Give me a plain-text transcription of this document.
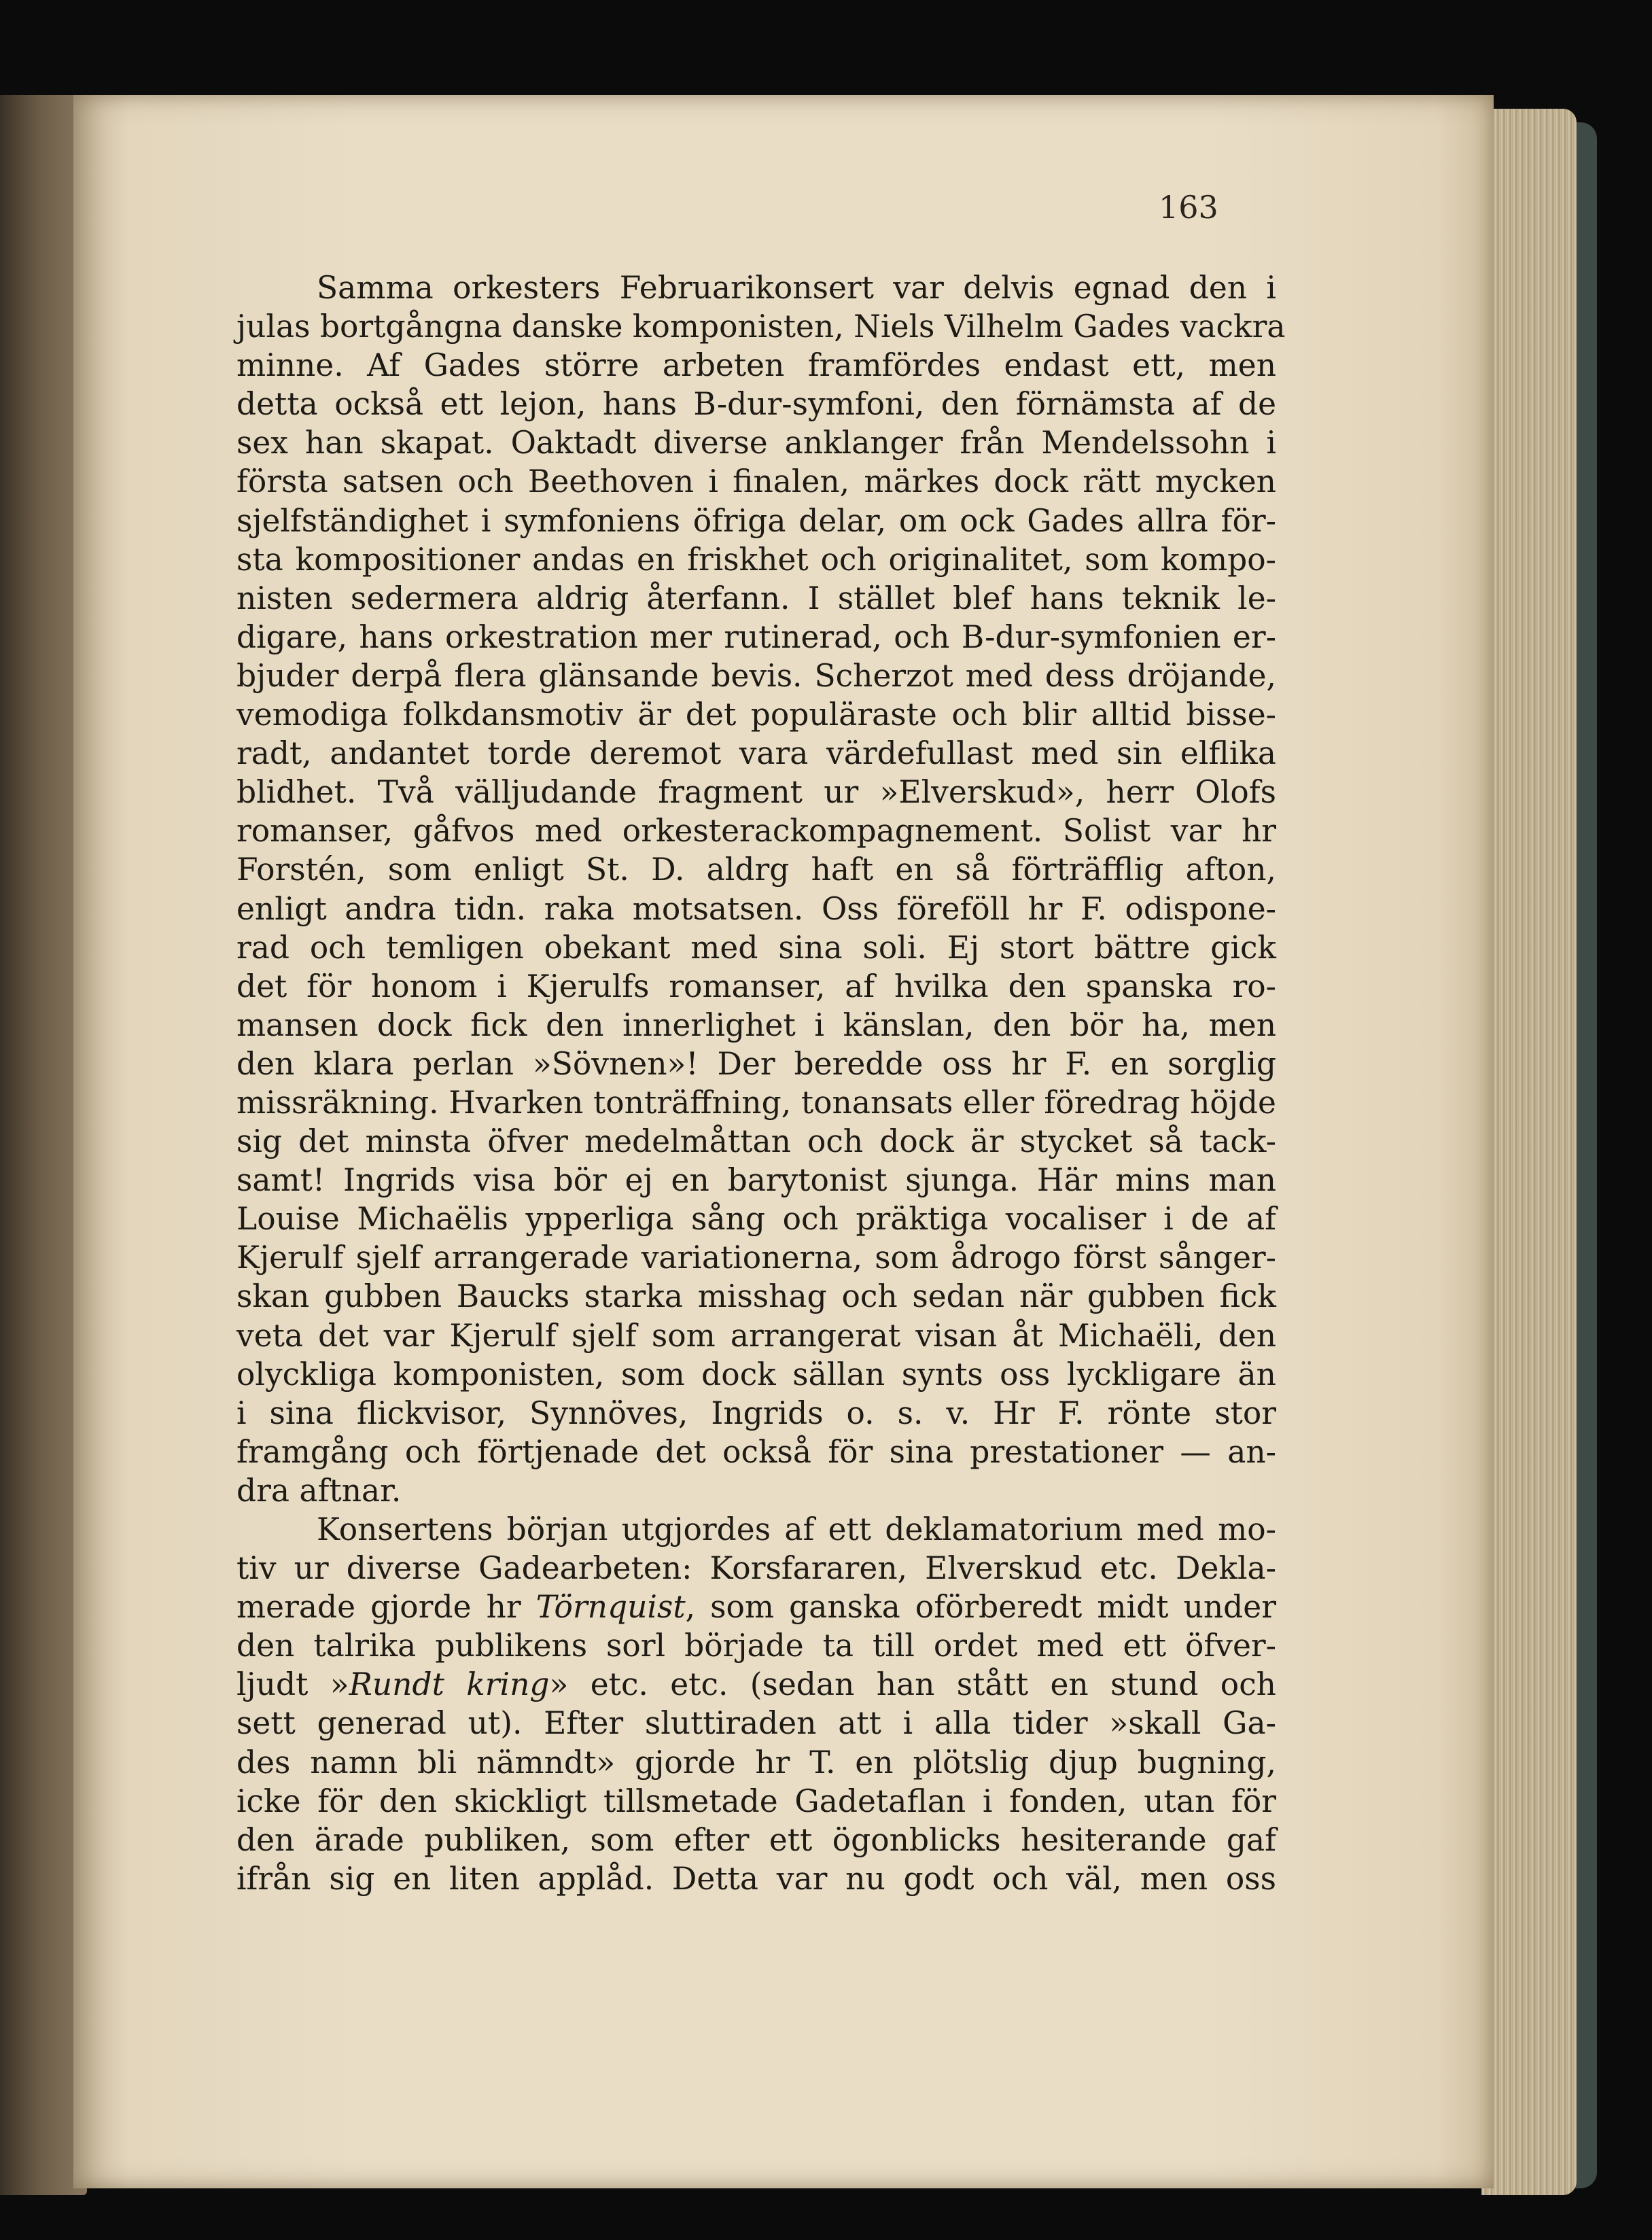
163
Samma orkesters Februarikonsert var delvis egnad den i
julas bortgångna danske komponisten, Niels Vilhelm Gades vackra
minne. Af Gades större arbeten framfördes endast ett, men
detta också ett lejon, hans B-dur-symfoni, den förnämsta af de
sex han skapat. Oaktadt diverse anklanger från Mendelssohn i
första satsen och Beethoven i finalen, märkes dock rätt mycken
sjelfständighet i symfoniens öfriga delar, om ock Gades allra för-
sta kompositioner andas en friskhet och originalitet, som kompo-
nisten sedermera aldrig återfann. I stället blef hans teknik le-
digare, hans orkestration mer rutinerad, och B-dur-symfonien er-
bjuder derpå flera glänsande bevis. Scherzot med dess dröjande,
vemodiga folkdansmotiv är det populäraste och blir alltid bisse-
radt, andantet torde deremot vara värdefullast med sin elflika
blidhet. Två välljudande fragment ur »Elverskud», herr Olofs
romanser, gåfvos med orkesterackompagnement. Solist var hr
Forstén, som enligt St. D. aldrg haft en så förträfflig afton,
enligt andra tidn. raka motsatsen. Oss föreföll hr F. odispone-
rad och temligen obekant med sina soli. Ej stort bättre gick
det för honom i Kjerulfs romanser, af hvilka den spanska ro-
mansen dock fick den innerlighet i känslan, den bör ha, men
den klara perlan »Sövnen»! Der beredde oss hr F. en sorglig
missräkning. Hvarken tonträffning, tonansats eller föredrag höjde
sig det minsta öfver medelmåttan och dock är stycket så tack-
samt! Ingrids visa bör ej en barytonist sjunga. Här mins man
Louise Michaëlis ypperliga sång och präktiga vocaliser i de af
Kjerulf sjelf arrangerade variationerna, som ådrogo först sånger-
skan gubben Baucks starka misshag och sedan när gubben fick
veta det var Kjerulf sjelf som arrangerat visan åt Michaëli, den
olyckliga komponisten, som dock sällan synts oss lyckligare än
i sina flickvisor, Synnöves, Ingrids o. s. v. Hr F. rönte stor
framgång och förtjenade det också för sina prestationer — an-
dra aftnar.
Konsertens början utgjordes af ett deklamatorium med mo-
tiv ur diverse Gadearbeten: Korsfararen, Elverskud etc. Dekla-
merade gjorde hr Törnquist, som ganska oförberedt midt under
den talrika publikens sorl började ta till ordet med ett öfver-
ljudt »Rundt kring» etc. etc. (sedan han stått en stund och
sett generad ut). Efter sluttiraden att i alla tider »skall Ga-
des namn bli nämndt» gjorde hr T. en plötslig djup bugning,
icke för den skickligt tillsmetade Gadetaflan i fonden, utan för
den ärade publiken, som efter ett ögonblicks hesiterande gaf
ifrån sig en liten applåd. Detta var nu godt och väl, men oss
